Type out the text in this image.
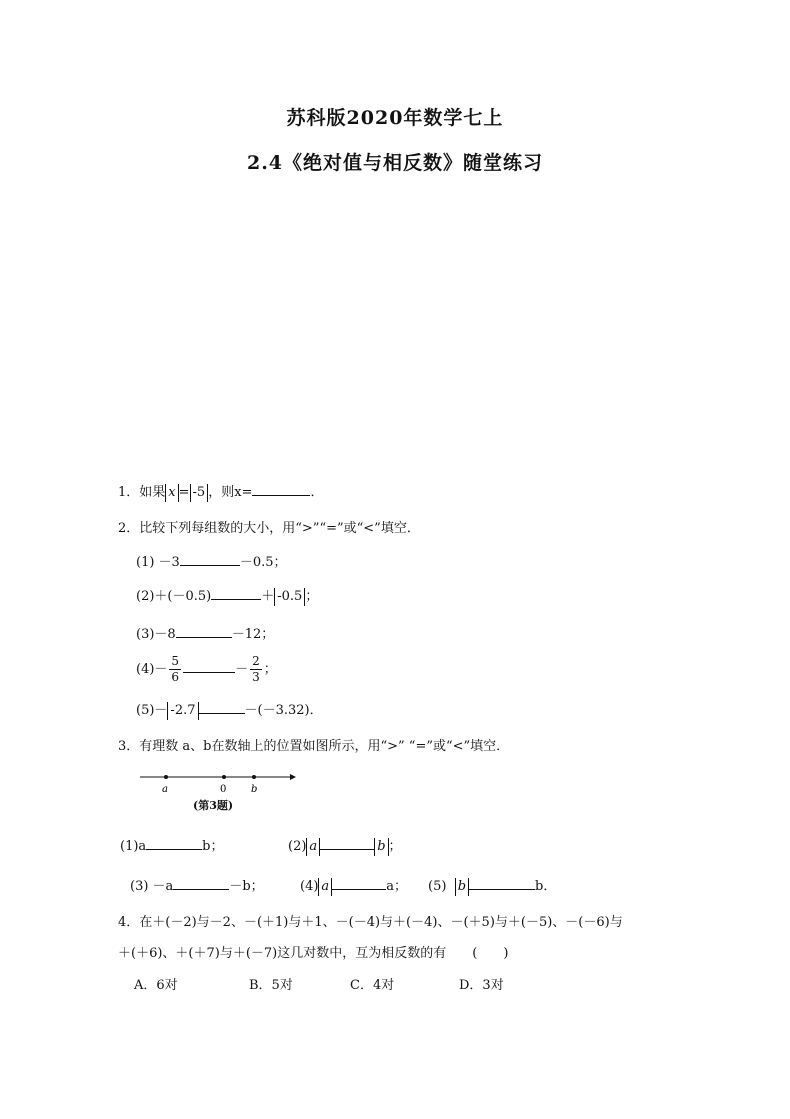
苏科版2020年数学七上
2.4《绝对值与相反数》随堂练习
1．如果 x = -5 ，则x=	．
2．比较下列每组数的大小，用“>”“=”或“<”填空．
(1) －3	－0.5；
(2)＋(－0.5)	＋ -0.5 ；
(3)－8	－12；
$(4)- \frac{5}{6}$	－ $\frac{2}{3}$ ；
(5)－ -2.7	－(－3.32)．
3．有理数 a、b在数轴上的位置如图所示，用“>” “=”或“<”填空．
a	0 b
(第3题)
(1)a	b；	(2) a	b ；
(3) －a	－b；	(4) a	a； (5) b	b．
4．在＋(－2)与－2、－(＋1)与＋1、－(－4)与＋(－4)、－(＋5)与＋(－5)、－(－6)与
＋(＋6)、＋(＋7)与＋(－7)这几对数中，互为相反数的有　　(　　)
A．6对	B．5对	C．4对	D．3对
